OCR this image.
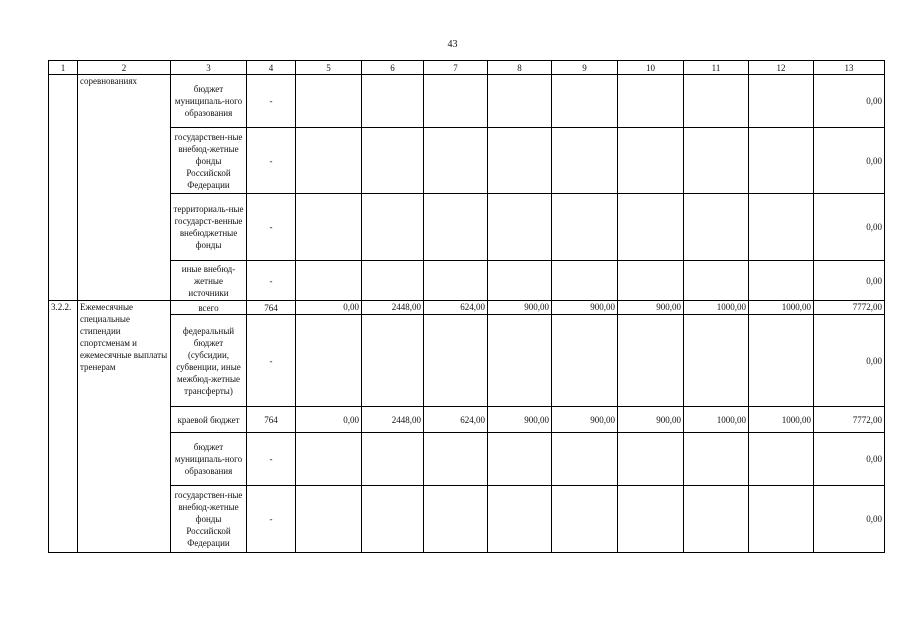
43
1	2	3	4	5	6	7	8	9	10	11	12	13
	соревнованиях	бюджет муниципаль-ного образования	-									0,00
		государствен-ные внебюд-жетные фонды Российской Федерации	-									0,00
		территориаль-ные государст-венные внебюджетные фонды	-									0,00
		иные внебюд-жетные источники	-									0,00
3.2.2.	Ежемесячные специальные стипендии спортсменам и ежемесячные выплаты тренерам	всего	764	0,00	2448,00	624,00	900,00	900,00	900,00	1000,00	1000,00	7772,00
		федеральный бюджет (субсидии, субвенции, иные межбюд-жетные трансферты)	-									0,00
		краевой бюджет	764	0,00	2448,00	624,00	900,00	900,00	900,00	1000,00	1000,00	7772,00
		бюджет муниципаль-ного образования	-									0,00
		государствен-ные внебюд-жетные фонды Российской Федерации	-									0,00
